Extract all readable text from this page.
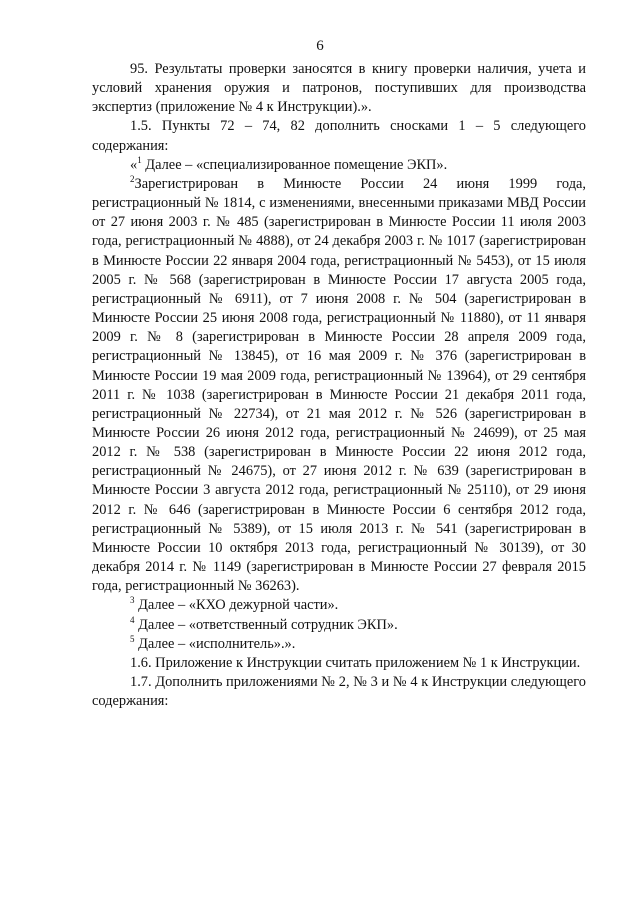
6

95. Результаты проверки заносятся в книгу проверки наличия, учета и условий хранения оружия и патронов, поступивших для производства экспертиз (приложение № 4 к Инструкции).».

1.5. Пункты 72 – 74, 82 дополнить сносками 1 – 5 следующего содержания:

«$^1$ Далее – «специализированное помещение ЭКП».

$^2$Зарегистрирован в Минюсте России 24 июня 1999 года, регистрационный № 1814, с изменениями, внесенными приказами МВД России от 27 июня 2003 г. № 485 (зарегистрирован в Минюсте России 11 июля 2003 года, регистрационный № 4888), от 24 декабря 2003 г. № 1017 (зарегистрирован в Минюсте России 22 января 2004 года, регистрационный № 5453), от 15 июля 2005 г. № 568 (зарегистрирован в Минюсте России 17 августа 2005 года, регистрационный № 6911), от 7 июня 2008 г. № 504 (зарегистрирован в Минюсте России 25 июня 2008 года, регистрационный № 11880), от 11 января 2009 г. № 8 (зарегистрирован в Минюсте России 28 апреля 2009 года, регистрационный № 13845), от 16 мая 2009 г. № 376 (зарегистрирован в Минюсте России 19 мая 2009 года, регистрационный № 13964), от 29 сентября 2011 г. № 1038 (зарегистрирован в Минюсте России 21 декабря 2011 года, регистрационный № 22734), от 21 мая 2012 г. № 526 (зарегистрирован в Минюсте России 26 июня 2012 года, регистрационный № 24699), от 25 мая 2012 г. № 538 (зарегистрирован в Минюсте России 22 июня 2012 года, регистрационный № 24675), от 27 июня 2012 г. № 639 (зарегистрирован в Минюсте России 3 августа 2012 года, регистрационный № 25110), от 29 июня 2012 г. № 646 (зарегистрирован в Минюсте России 6 сентября 2012 года, регистрационный № 5389), от 15 июля 2013 г. № 541 (зарегистрирован в Минюсте России 10 октября 2013 года, регистрационный № 30139), от 30 декабря 2014 г. № 1149 (зарегистрирован в Минюсте России 27 февраля 2015 года, регистрационный № 36263).

$^3$ Далее – «КХО дежурной части».

$^4$ Далее – «ответственный сотрудник ЭКП».

$^5$ Далее – «исполнитель».».

1.6. Приложение к Инструкции считать приложением № 1 к Инструкции.

1.7. Дополнить приложениями № 2, № 3 и № 4 к Инструкции следующего содержания:
